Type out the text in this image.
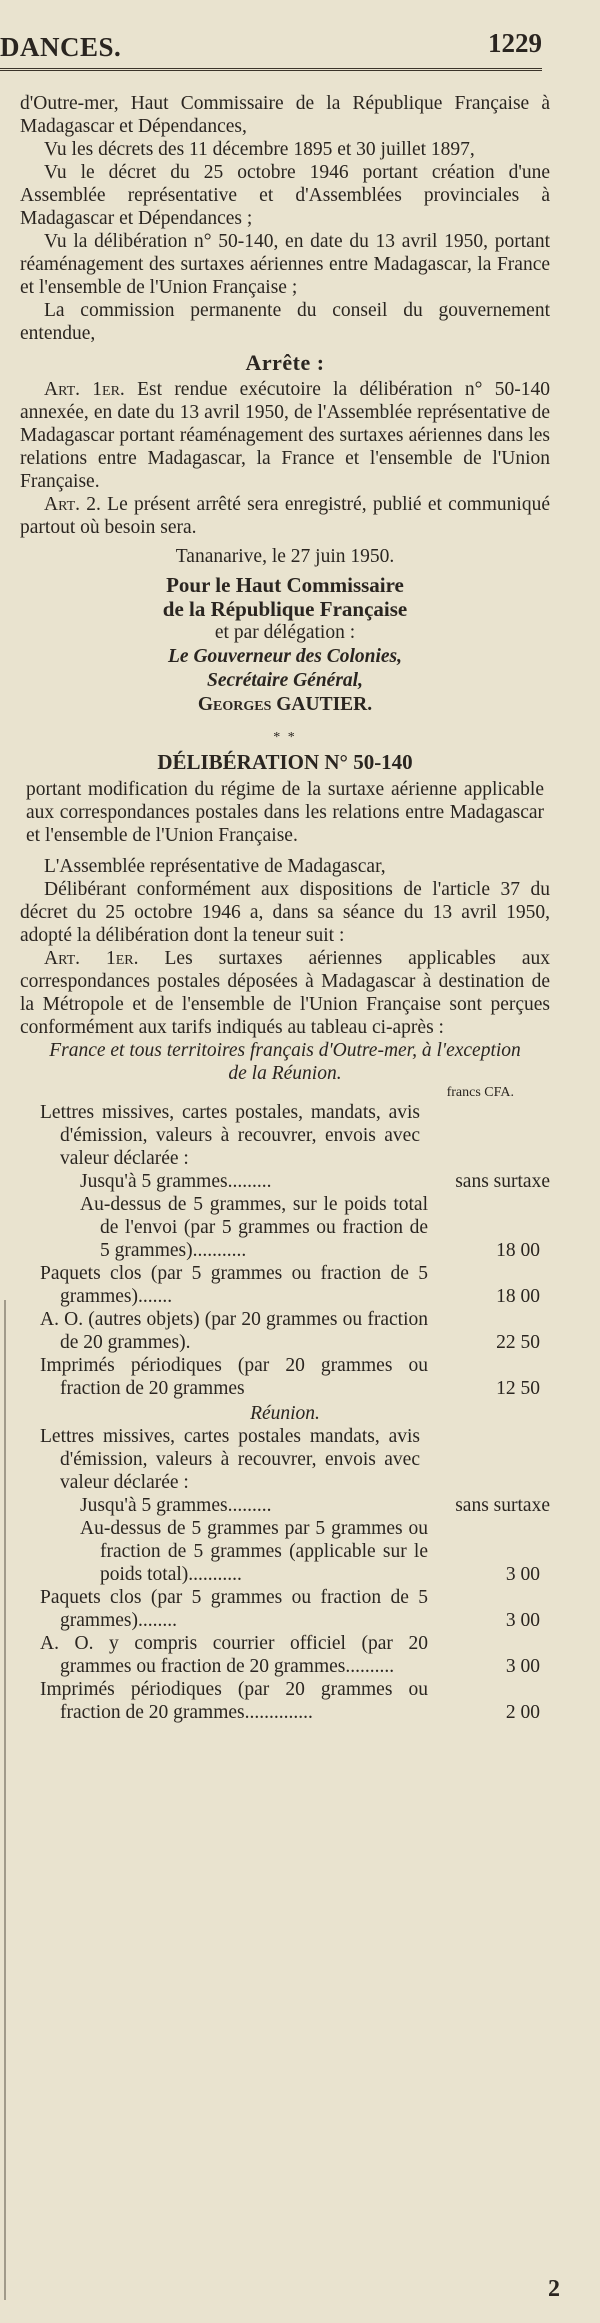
DANCES.	1229

d'Outre-mer, Haut Commissaire de la République Française à Madagascar et Dépendances,

Vu les décrets des 11 décembre 1895 et 30 juillet 1897,

Vu le décret du 25 octobre 1946 portant création d'une Assemblée représentative et d'Assemblées provinciales à Madagascar et Dépendances ;

Vu la délibération n° 50-140, en date du 13 avril 1950, portant réaménagement des surtaxes aériennes entre Madagascar, la France et l'ensemble de l'Union Française ;

La commission permanente du conseil du gouvernement entendue,

Arrête :

Art. 1er. Est rendue exécutoire la délibération n° 50-140 annexée, en date du 13 avril 1950, de l'Assemblée représentative de Madagascar portant réaménagement des surtaxes aériennes dans les relations entre Madagascar, la France et l'ensemble de l'Union Française.

Art. 2. Le présent arrêté sera enregistré, publié et communiqué partout où besoin sera.

Tananarive, le 27 juin 1950.

Pour le Haut Commissaire

de la République Française

et par délégation :

Le Gouverneur des Colonies,

Secrétaire Général,

Georges GAUTIER.

* *

DÉLIBÉRATION N° 50-140

portant modification du régime de la surtaxe aérienne applicable aux correspondances postales dans les relations entre Madagascar et l'ensemble de l'Union Française.

L'Assemblée représentative de Madagascar,

Délibérant conformément aux dispositions de l'article 37 du décret du 25 octobre 1946 a, dans sa séance du 13 avril 1950, adopté la délibération dont la teneur suit :

Art. 1er. Les surtaxes aériennes applicables aux correspondances postales déposées à Madagascar à destination de la Métropole et de l'ensemble de l'Union Française sont perçues conformément aux tarifs indiqués au tableau ci-après :

France et tous territoires français d'Outre-mer, à l'exception de la Réunion.

francs CFA.

Lettres missives, cartes postales, mandats, avis d'émission, valeurs à recouvrer, envois avec valeur déclarée :

Jusqu'à 5 grammes.........	sans surtaxe
Au-dessus de 5 grammes, sur le poids total de l'envoi (par 5 grammes ou fraction de 5 grammes)...........	18 00
Paquets clos (par 5 grammes ou fraction de 5 grammes).......	18 00
A. O. (autres objets) (par 20 grammes ou fraction de 20 grammes).	22 50
Imprimés périodiques (par 20 grammes ou fraction de 20 grammes	12 50

Réunion.

Lettres missives, cartes postales mandats, avis d'émission, valeurs à recouvrer, envois avec valeur déclarée :

Jusqu'à 5 grammes.........	sans surtaxe
Au-dessus de 5 grammes par 5 grammes ou fraction de 5 grammes (applicable sur le poids total)...........	3 00
Paquets clos (par 5 grammes ou fraction de 5 grammes)........	3 00
A. O. y compris courrier officiel (par 20 grammes ou fraction de 20 grammes..........	3 00
Imprimés périodiques (par 20 grammes ou fraction de 20 grammes..............	2 00
2
